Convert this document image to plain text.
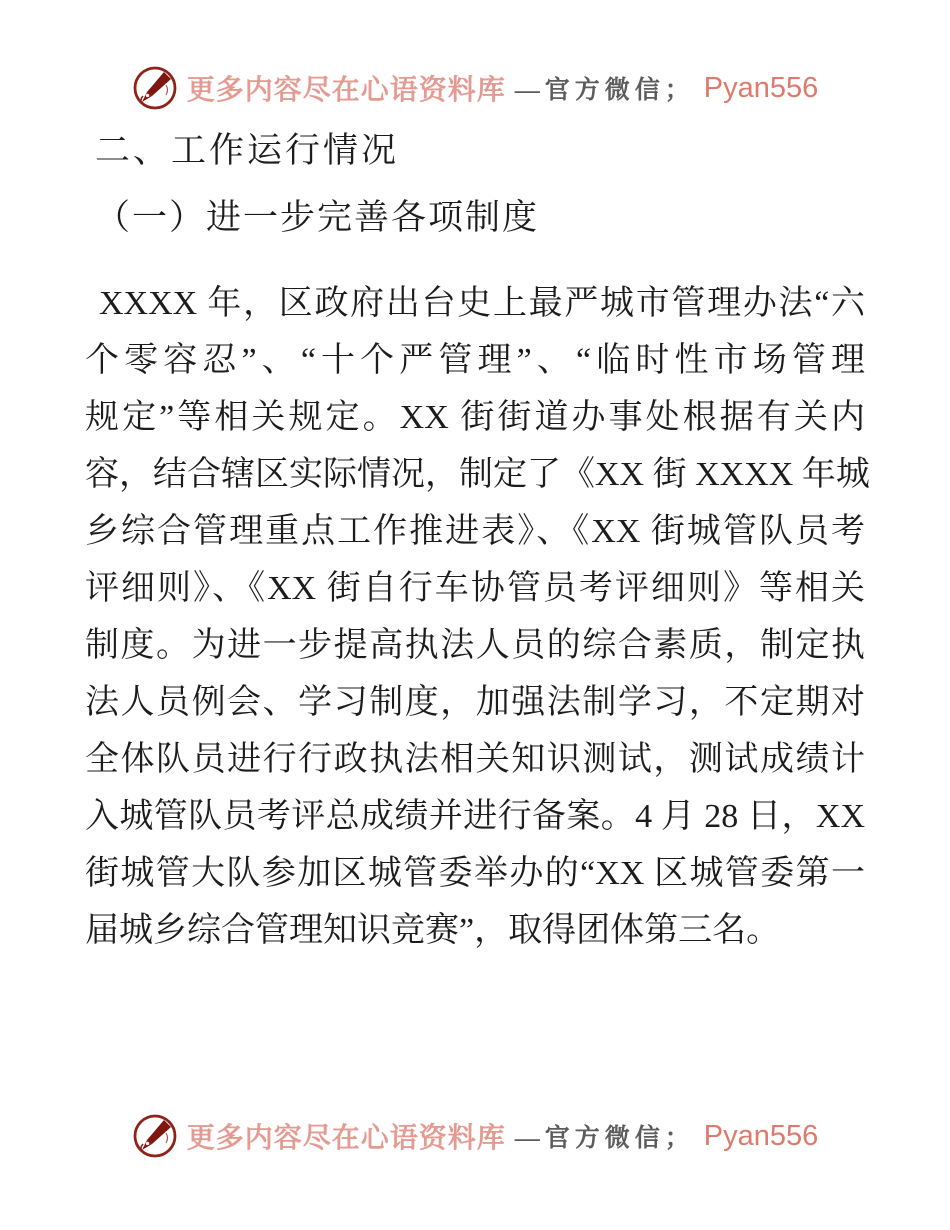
更多内容尽在心语资料库 —官方微信； Pyan556
二、工作运行情况
（一）进一步完善各项制度
XXXX 年，区政府出台史上最严城市管理办法“六
个零容忍”、“十个严管理”、“临时性市场管理
规定”等相关规定。XX 街街道办事处根据有关内
容，结合辖区实际情况，制定了《XX 街 XXXX 年城
乡综合管理重点工作推进表》、《XX 街城管队员考
评细则》、《XX 街自行车协管员考评细则》等相关
制度。为进一步提高执法人员的综合素质，制定执
法人员例会、学习制度，加强法制学习，不定期对
全体队员进行行政执法相关知识测试，测试成绩计
入城管队员考评总成绩并进行备案。4 月 28 日，XX
街城管大队参加区城管委举办的“XX 区城管委第一
届城乡综合管理知识竞赛”，取得团体第三名。
更多内容尽在心语资料库 —官方微信； Pyan556
